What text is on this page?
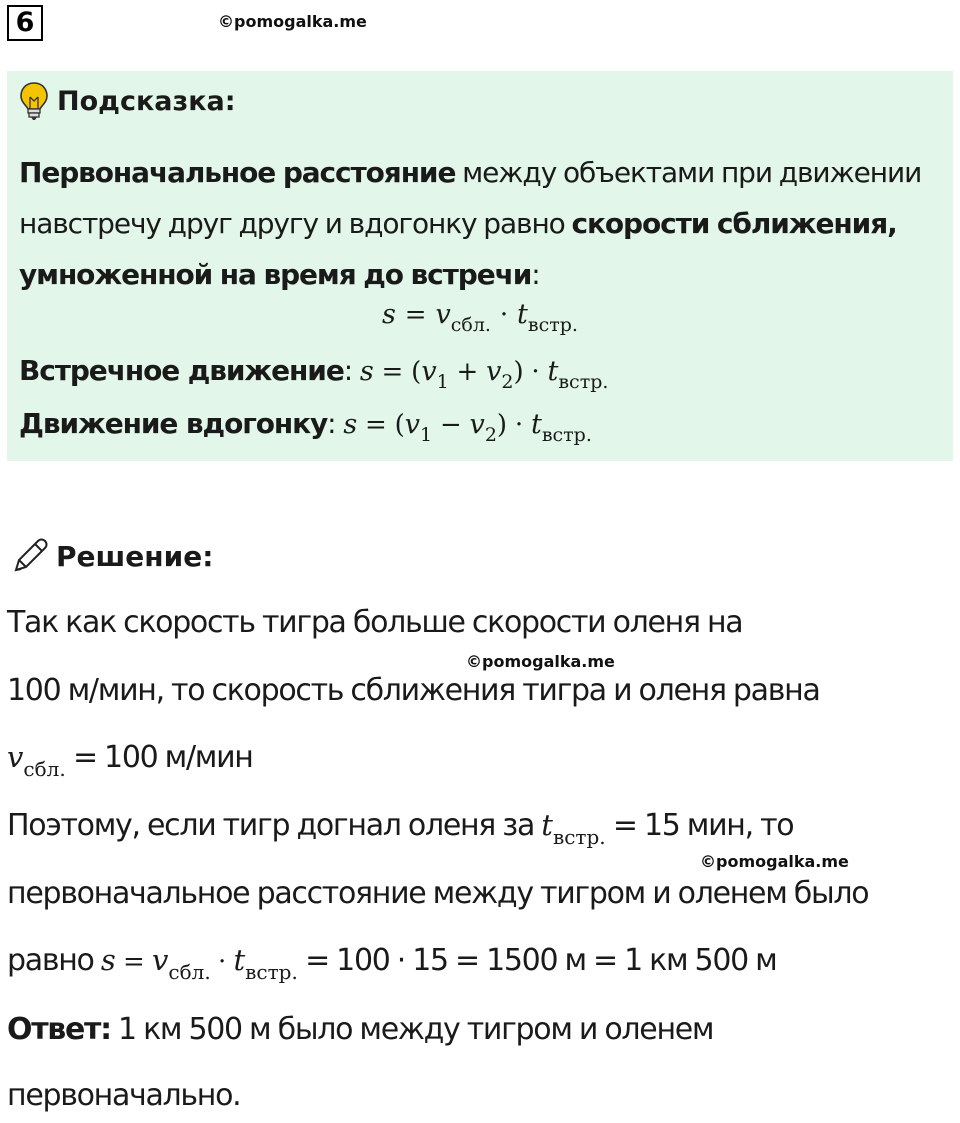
6	©pomogalka.me
Подсказка:
Первоначальное расстояние между объектами при движении навстречу друг другу и вдогонку равно скорости сближения, умноженной на время до встречи:
$s = v_{сбл.} \cdot t_{встр.}$
Встречное движение: $s = (v_1 + v_2) \cdot t_{встр.}$
Движение вдогонку: $s = (v_1 - v_2) \cdot t_{встр.}$
Решение:
Так как скорость тигра больше скорости оленя на
©pomogalka.me
100 м/мин, то скорость сближения тигра и оленя равна
$v_{сбл.} = 100$ м/мин
Поэтому, если тигр догнал оленя за $t_{встр.} = 15$ мин, то
©pomogalka.me
первоначальное расстояние между тигром и оленем было
равно $s = v_{сбл.} \cdot t_{встр.} = 100 \cdot 15 = 1500$ м = 1 км 500 м
Ответ: 1 км 500 м было между тигром и оленем
первоначально.
